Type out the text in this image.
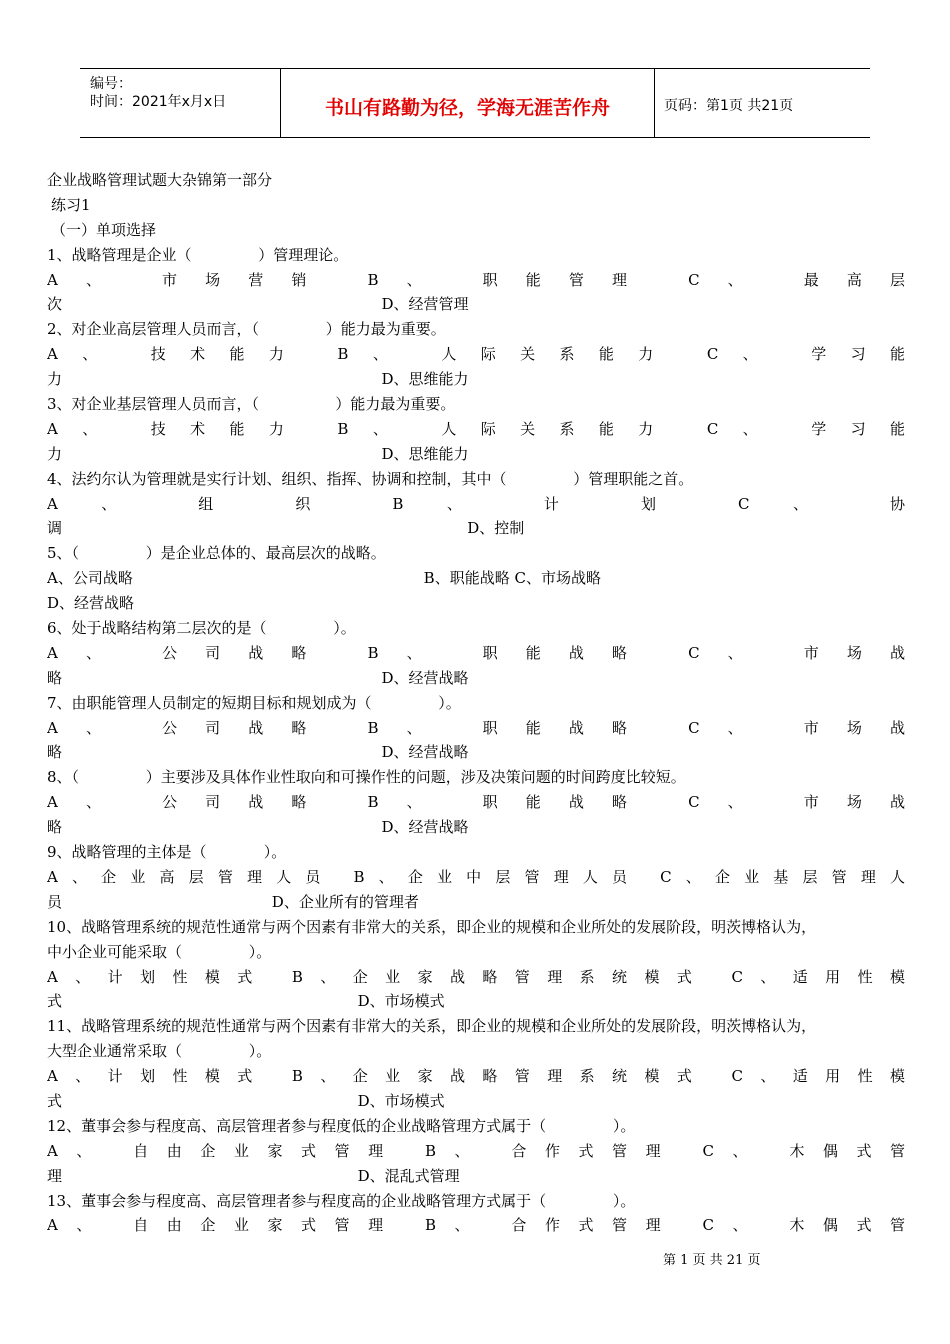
编号：
时间：2021年x月x日	书山有路勤为径，学海无涯苦作舟	页码：第1页 共21页
企业战略管理试题大杂锦第一部分
练习1
（一）单项选择
1、战略管理是企业（              ）管理理论。
A、 市场营销 B、 职能管理 C、 最高层
次                                                                   D、经营管理
2、对企业高层管理人员而言，（              ）能力最为重要。
A、 技术能力 B、 人际关系能力 C、 学习能
力                                                                   D、思维能力
3、对企业基层管理人员而言，（                ）能力最为重要。
A、 技术能力 B、 人际关系能力 C、 学习能
力                                                                   D、思维能力
4、法约尔认为管理就是实行计划、组织、指挥、协调和控制，其中（              ）管理职能之首。
A 、 组 织 B 、 计 划 C 、 协
调                                                                                     D、控制
5、（              ）是企业总体的、最高层次的战略。
A、公司战略                                                             B、职能战略 C、市场战略
D、经营战略
6、处于战略结构第二层次的是（              ）。
A、 公司战略 B、 职能战略 C、 市场战
略                                                                   D、经营战略
7、由职能管理人员制定的短期目标和规划成为（              ）。
A、 公司战略 B、 职能战略 C、 市场战
略                                                                   D、经营战略
8、（              ）主要涉及具体作业性取向和可操作性的问题，涉及决策问题的时间跨度比较短。
A、 公司战略 B、 职能战略 C、 市场战
略                                                                   D、经营战略
9、战略管理的主体是（            ）。
A、企业高层管理人员 B、企业中层管理人员 C、企业基层管理人
员                                            D、企业所有的管理者
10、战略管理系统的规范性通常与两个因素有非常大的关系，即企业的规模和企业所处的发展阶段，明茨博格认为，
中小企业可能采取（              ）。
A、计划性模式 B、企业家战略管理系统模式 C、适用性模
式                                                              D、市场模式
11、战略管理系统的规范性通常与两个因素有非常大的关系，即企业的规模和企业所处的发展阶段，明茨博格认为，
大型企业通常采取（              ）。
A、计划性模式 B、企业家战略管理系统模式 C、适用性模
式                                                              D、市场模式
12、董事会参与程度高、高层管理者参与程度低的企业战略管理方式属于（              ）。
A、 自由企业家式管理 B、 合作式管理 C、 木偶式管
理                                                              D、混乱式管理
13、董事会参与程度高、高层管理者参与程度高的企业战略管理方式属于（              ）。
A、 自由企业家式管理 B、 合作式管理 C、 木偶式管
第 1 页 共 21 页
